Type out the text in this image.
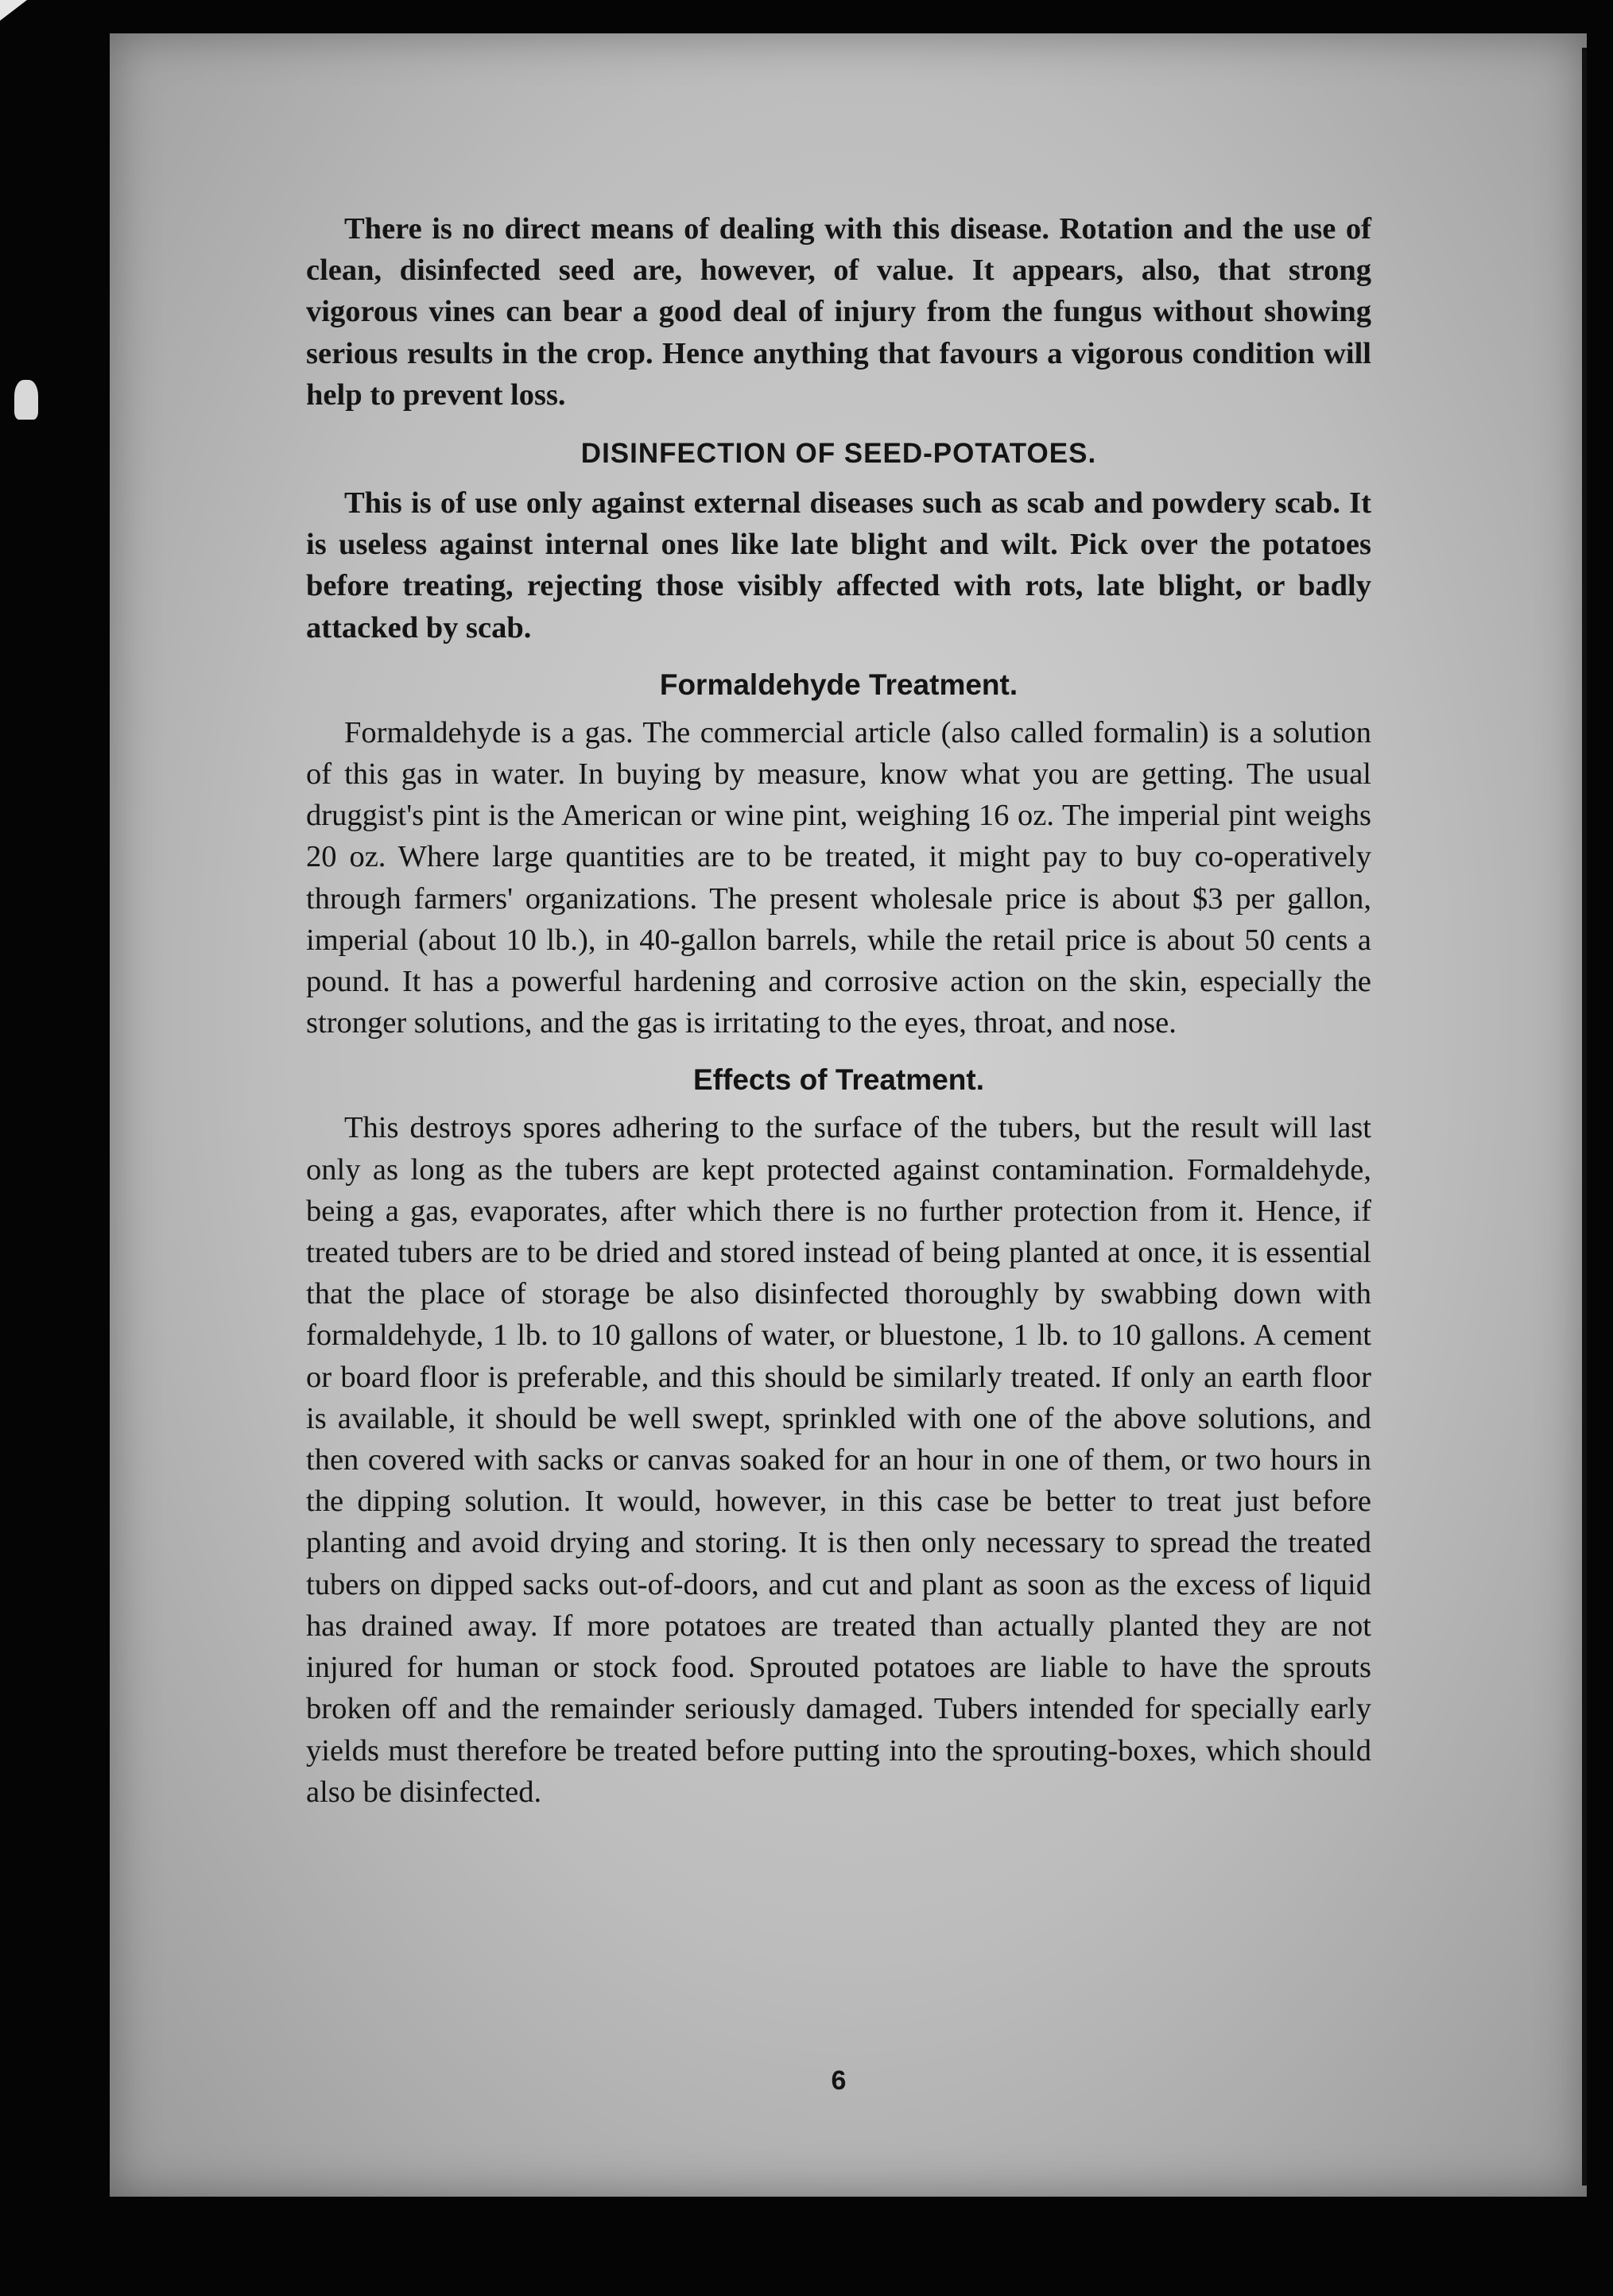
There is no direct means of dealing with this disease. Rotation and the use of clean, disinfected seed are, however, of value. It appears, also, that strong vigorous vines can bear a good deal of injury from the fungus without showing serious results in the crop. Hence anything that favours a vigorous condition will help to prevent loss.

DISINFECTION OF SEED-POTATOES.

This is of use only against external diseases such as scab and powdery scab. It is useless against internal ones like late blight and wilt. Pick over the potatoes before treating, rejecting those visibly affected with rots, late blight, or badly attacked by scab.

Formaldehyde Treatment.

Formaldehyde is a gas. The commercial article (also called formalin) is a solution of this gas in water. In buying by measure, know what you are getting. The usual druggist's pint is the American or wine pint, weighing 16 oz. The imperial pint weighs 20 oz. Where large quantities are to be treated, it might pay to buy co-operatively through farmers' organizations. The present wholesale price is about $3 per gallon, imperial (about 10 lb.), in 40-gallon barrels, while the retail price is about 50 cents a pound. It has a powerful hardening and corrosive action on the skin, especially the stronger solutions, and the gas is irritating to the eyes, throat, and nose.

Effects of Treatment.

This destroys spores adhering to the surface of the tubers, but the result will last only as long as the tubers are kept protected against contamination. Formaldehyde, being a gas, evaporates, after which there is no further protection from it. Hence, if treated tubers are to be dried and stored instead of being planted at once, it is essential that the place of storage be also disinfected thoroughly by swabbing down with formaldehyde, 1 lb. to 10 gallons of water, or bluestone, 1 lb. to 10 gallons. A cement or board floor is preferable, and this should be similarly treated. If only an earth floor is available, it should be well swept, sprinkled with one of the above solutions, and then covered with sacks or canvas soaked for an hour in one of them, or two hours in the dipping solution. It would, however, in this case be better to treat just before planting and avoid drying and storing. It is then only necessary to spread the treated tubers on dipped sacks out-of-doors, and cut and plant as soon as the excess of liquid has drained away. If more potatoes are treated than actually planted they are not injured for human or stock food. Sprouted potatoes are liable to have the sprouts broken off and the remainder seriously damaged. Tubers intended for specially early yields must therefore be treated before putting into the sprouting-boxes, which should also be disinfected.

6
